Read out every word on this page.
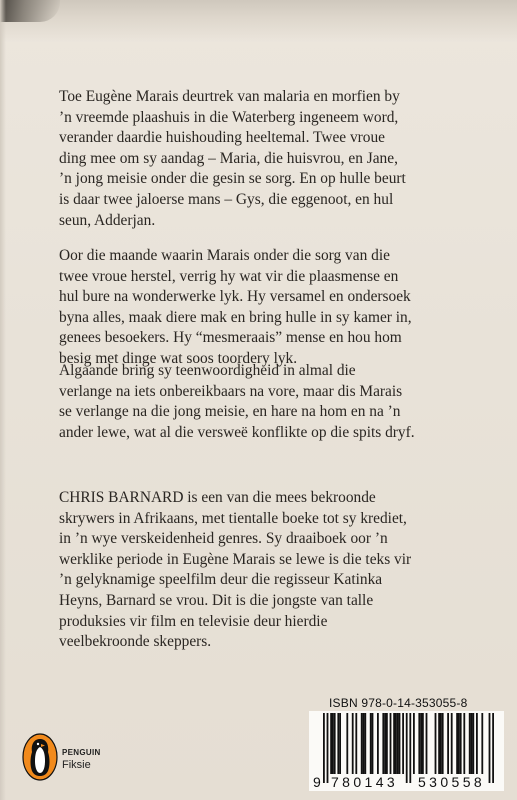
Toe Eugène Marais deurtrek van malaria en morfien by
’n vreemde plaashuis in die Waterberg ingeneem word,
verander daardie huishouding heeltemal. Twee vroue
ding mee om sy aandag – Maria, die huisvrou, en Jane,
’n jong meisie onder die gesin se sorg. En op hulle beurt
is daar twee jaloerse mans – Gys, die eggenoot, en hul
seun, Adderjan.

Oor die maande waarin Marais onder die sorg van die
twee vroue herstel, verrig hy wat vir die plaasmense en
hul bure na wonderwerke lyk. Hy versamel en ondersoek
byna alles, maak diere mak en bring hulle in sy kamer in,
genees besoekers. Hy “mesmeraais” mense en hou hom
besig met dinge wat soos toordery lyk.

Algaande bring sy teenwoordigheid in almal die
verlange na iets onbereikbaars na vore, maar dis Marais
se verlange na die jong meisie, en hare na hom en na ’n
ander lewe, wat al die versweë konflikte op die spits dryf.

CHRIS BARNARD is een van die mees bekroonde
skrywers in Afrikaans, met tientalle boeke tot sy krediet,
in ’n wye verskeidenheid genres. Sy draaiboek oor ’n
werklike periode in Eugène Marais se lewe is die teks vir
’n gelyknamige speelfilm deur die regisseur Katinka
Heyns, Barnard se vrou. Dit is die jongste van talle
produksies vir film en televisie deur hierdie
veelbekroonde skeppers.

PENGUIN
Fiksie
ISBN 978-0-14-353055-8
9 780143 530558
